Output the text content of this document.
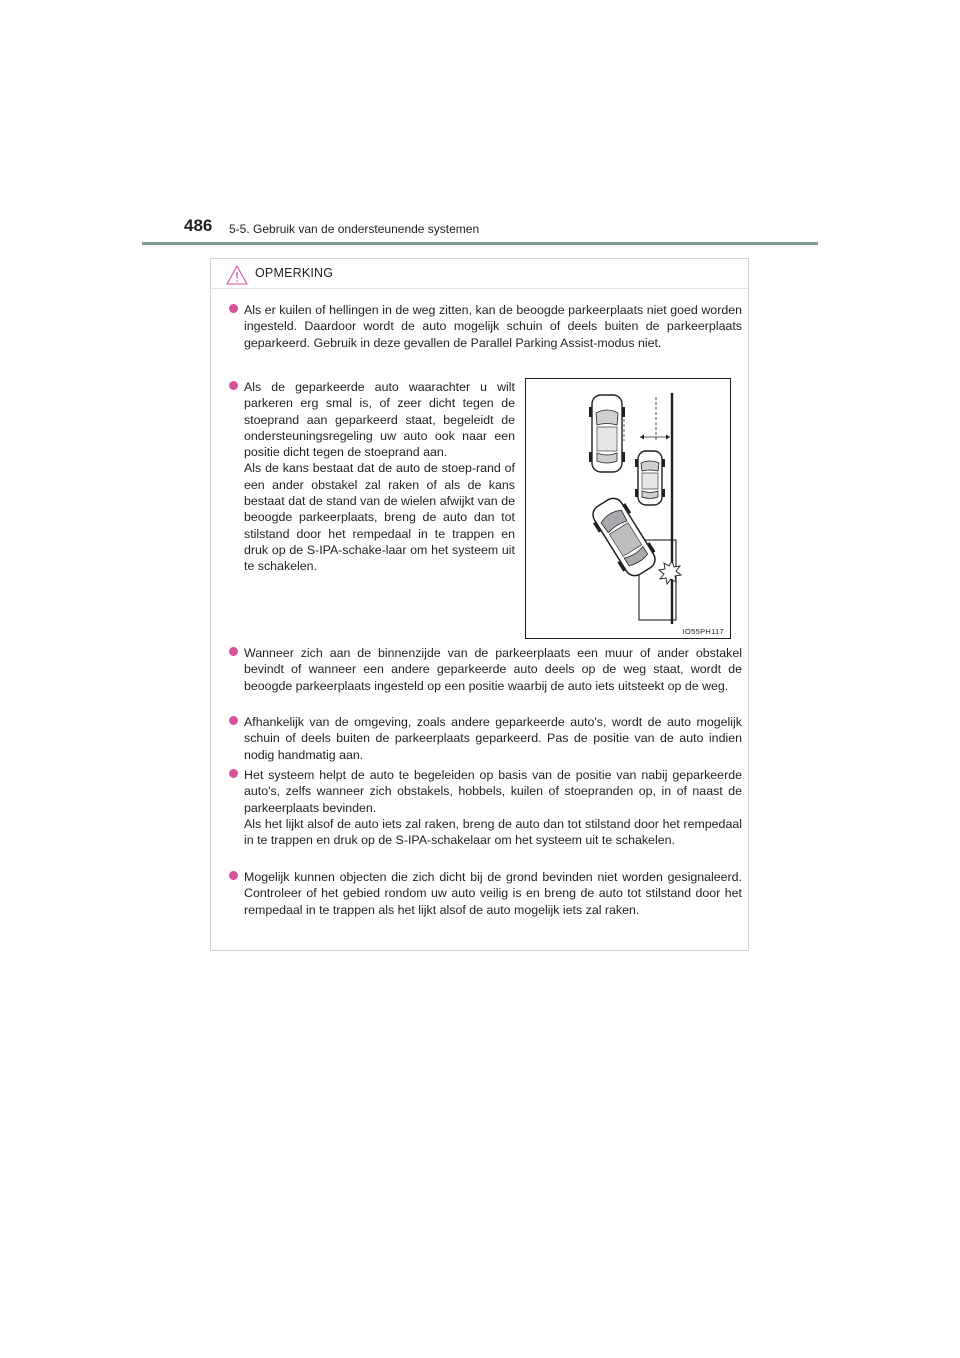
486 5-5. Gebruik van de ondersteunende systemen
OPMERKING

Als er kuilen of hellingen in de weg zitten, kan de beoogde parkeerplaats niet goed worden ingesteld. Daardoor wordt de auto mogelijk schuin of deels buiten de parkeerplaats geparkeerd. Gebruik in deze gevallen de Parallel Parking Assist-modus niet.

Als de geparkeerde auto waarachter u wilt parkeren erg smal is, of zeer dicht tegen de stoeprand aan geparkeerd staat, begeleidt de ondersteuningsregeling uw auto ook naar een positie dicht tegen de stoeprand aan.

Als de kans bestaat dat de auto de stoep-rand of een ander obstakel zal raken of als de kans bestaat dat de stand van de wielen afwijkt van de beoogde parkeerplaats, breng de auto dan tot stilstand door het rempedaal in te trappen en druk op de S-IPA-schake-laar om het systeem uit te schakelen.

IO55PH117

Wanneer zich aan de binnenzijde van de parkeerplaats een muur of ander obstakel bevindt of wanneer een andere geparkeerde auto deels op de weg staat, wordt de beoogde parkeerplaats ingesteld op een positie waarbij de auto iets uitsteekt op de weg.

Afhankelijk van de omgeving, zoals andere geparkeerde auto's, wordt de auto mogelijk schuin of deels buiten de parkeerplaats geparkeerd. Pas de positie van de auto indien nodig handmatig aan.

Het systeem helpt de auto te begeleiden op basis van de positie van nabij geparkeerde auto's, zelfs wanneer zich obstakels, hobbels, kuilen of stoepranden op, in of naast de parkeerplaats bevinden.

Als het lijkt alsof de auto iets zal raken, breng de auto dan tot stilstand door het rempedaal in te trappen en druk op de S-IPA-schakelaar om het systeem uit te schakelen.

Mogelijk kunnen objecten die zich dicht bij de grond bevinden niet worden gesignaleerd. Controleer of het gebied rondom uw auto veilig is en breng de auto tot stilstand door het rempedaal in te trappen als het lijkt alsof de auto mogelijk iets zal raken.
